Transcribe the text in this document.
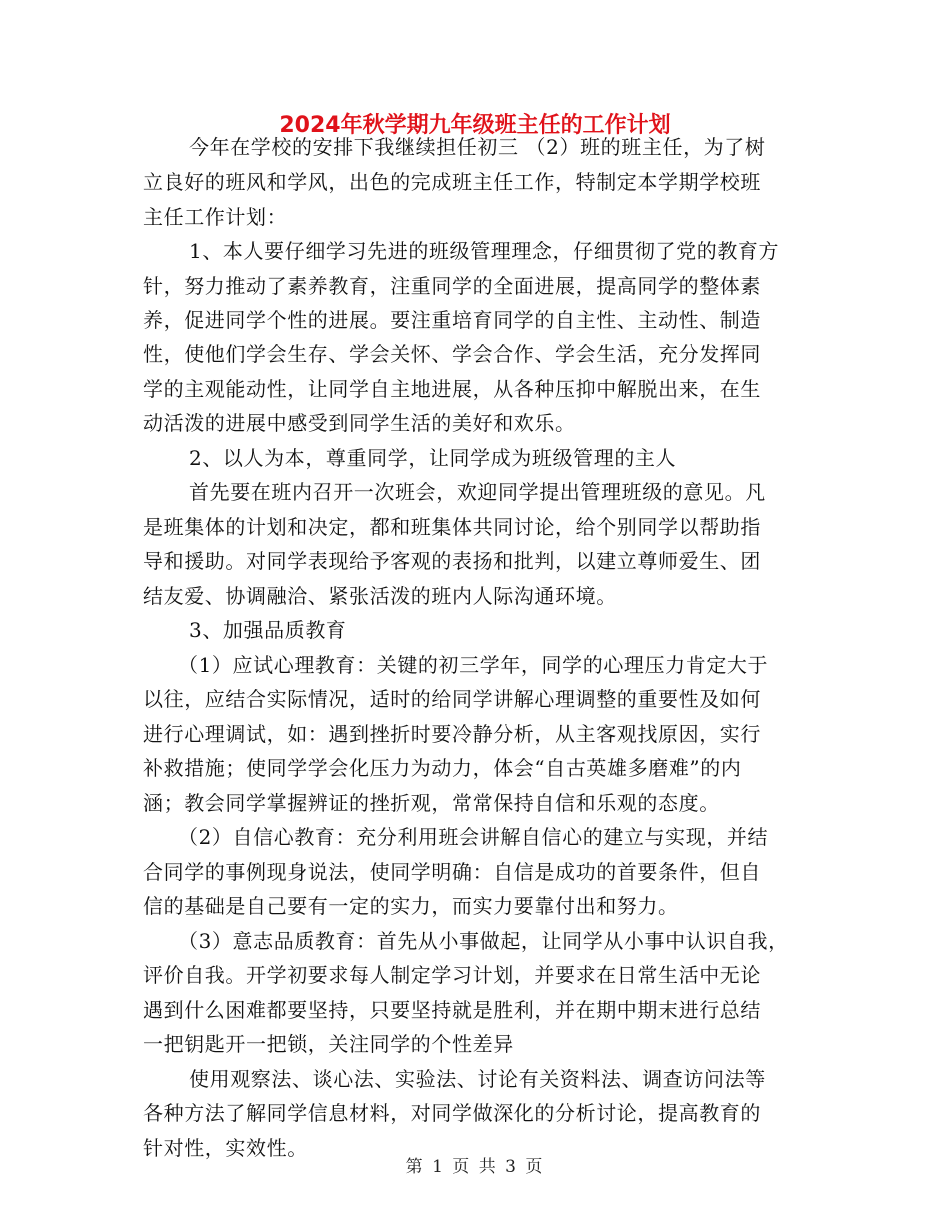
2024年秋学期九年级班主任的工作计划
今年在学校的安排下我继续担任初三 （2）班的班主任，为了树
立良好的班风和学风，出色的完成班主任工作，特制定本学期学校班
主任工作计划：
1、本人要仔细学习先进的班级管理理念，仔细贯彻了党的教育方
针，努力推动了素养教育，注重同学的全面进展，提高同学的整体素
养，促进同学个性的进展。要注重培育同学的自主性、主动性、制造
性，使他们学会生存、学会关怀、学会合作、学会生活，充分发挥同
学的主观能动性，让同学自主地进展，从各种压抑中解脱出来，在生
动活泼的进展中感受到同学生活的美好和欢乐。
2、以人为本，尊重同学，让同学成为班级管理的主人
首先要在班内召开一次班会，欢迎同学提出管理班级的意见。凡
是班集体的计划和决定，都和班集体共同讨论，给个别同学以帮助指
导和援助。对同学表现给予客观的表扬和批判，以建立尊师爱生、团
结友爱、协调融洽、紧张活泼的班内人际沟通环境。
3、加强品质教育
（1）应试心理教育：关键的初三学年，同学的心理压力肯定大于
以往，应结合实际情况，适时的给同学讲解心理调整的重要性及如何
进行心理调试，如：遇到挫折时要冷静分析，从主客观找原因，实行
补救措施；使同学学会化压力为动力，体会“自古英雄多磨难”的内
涵；教会同学掌握辨证的挫折观，常常保持自信和乐观的态度。
（2）自信心教育：充分利用班会讲解自信心的建立与实现，并结
合同学的事例现身说法，使同学明确：自信是成功的首要条件，但自
信的基础是自己要有一定的实力，而实力要靠付出和努力。
（3）意志品质教育：首先从小事做起，让同学从小事中认识自我，
评价自我。开学初要求每人制定学习计划，并要求在日常生活中无论
遇到什么困难都要坚持，只要坚持就是胜利，并在期中期末进行总结
一把钥匙开一把锁，关注同学的个性差异
使用观察法、谈心法、实验法、讨论有关资料法、调查访问法等
各种方法了解同学信息材料，对同学做深化的分析讨论，提高教育的
针对性，实效性。
第 1 页 共 3 页
